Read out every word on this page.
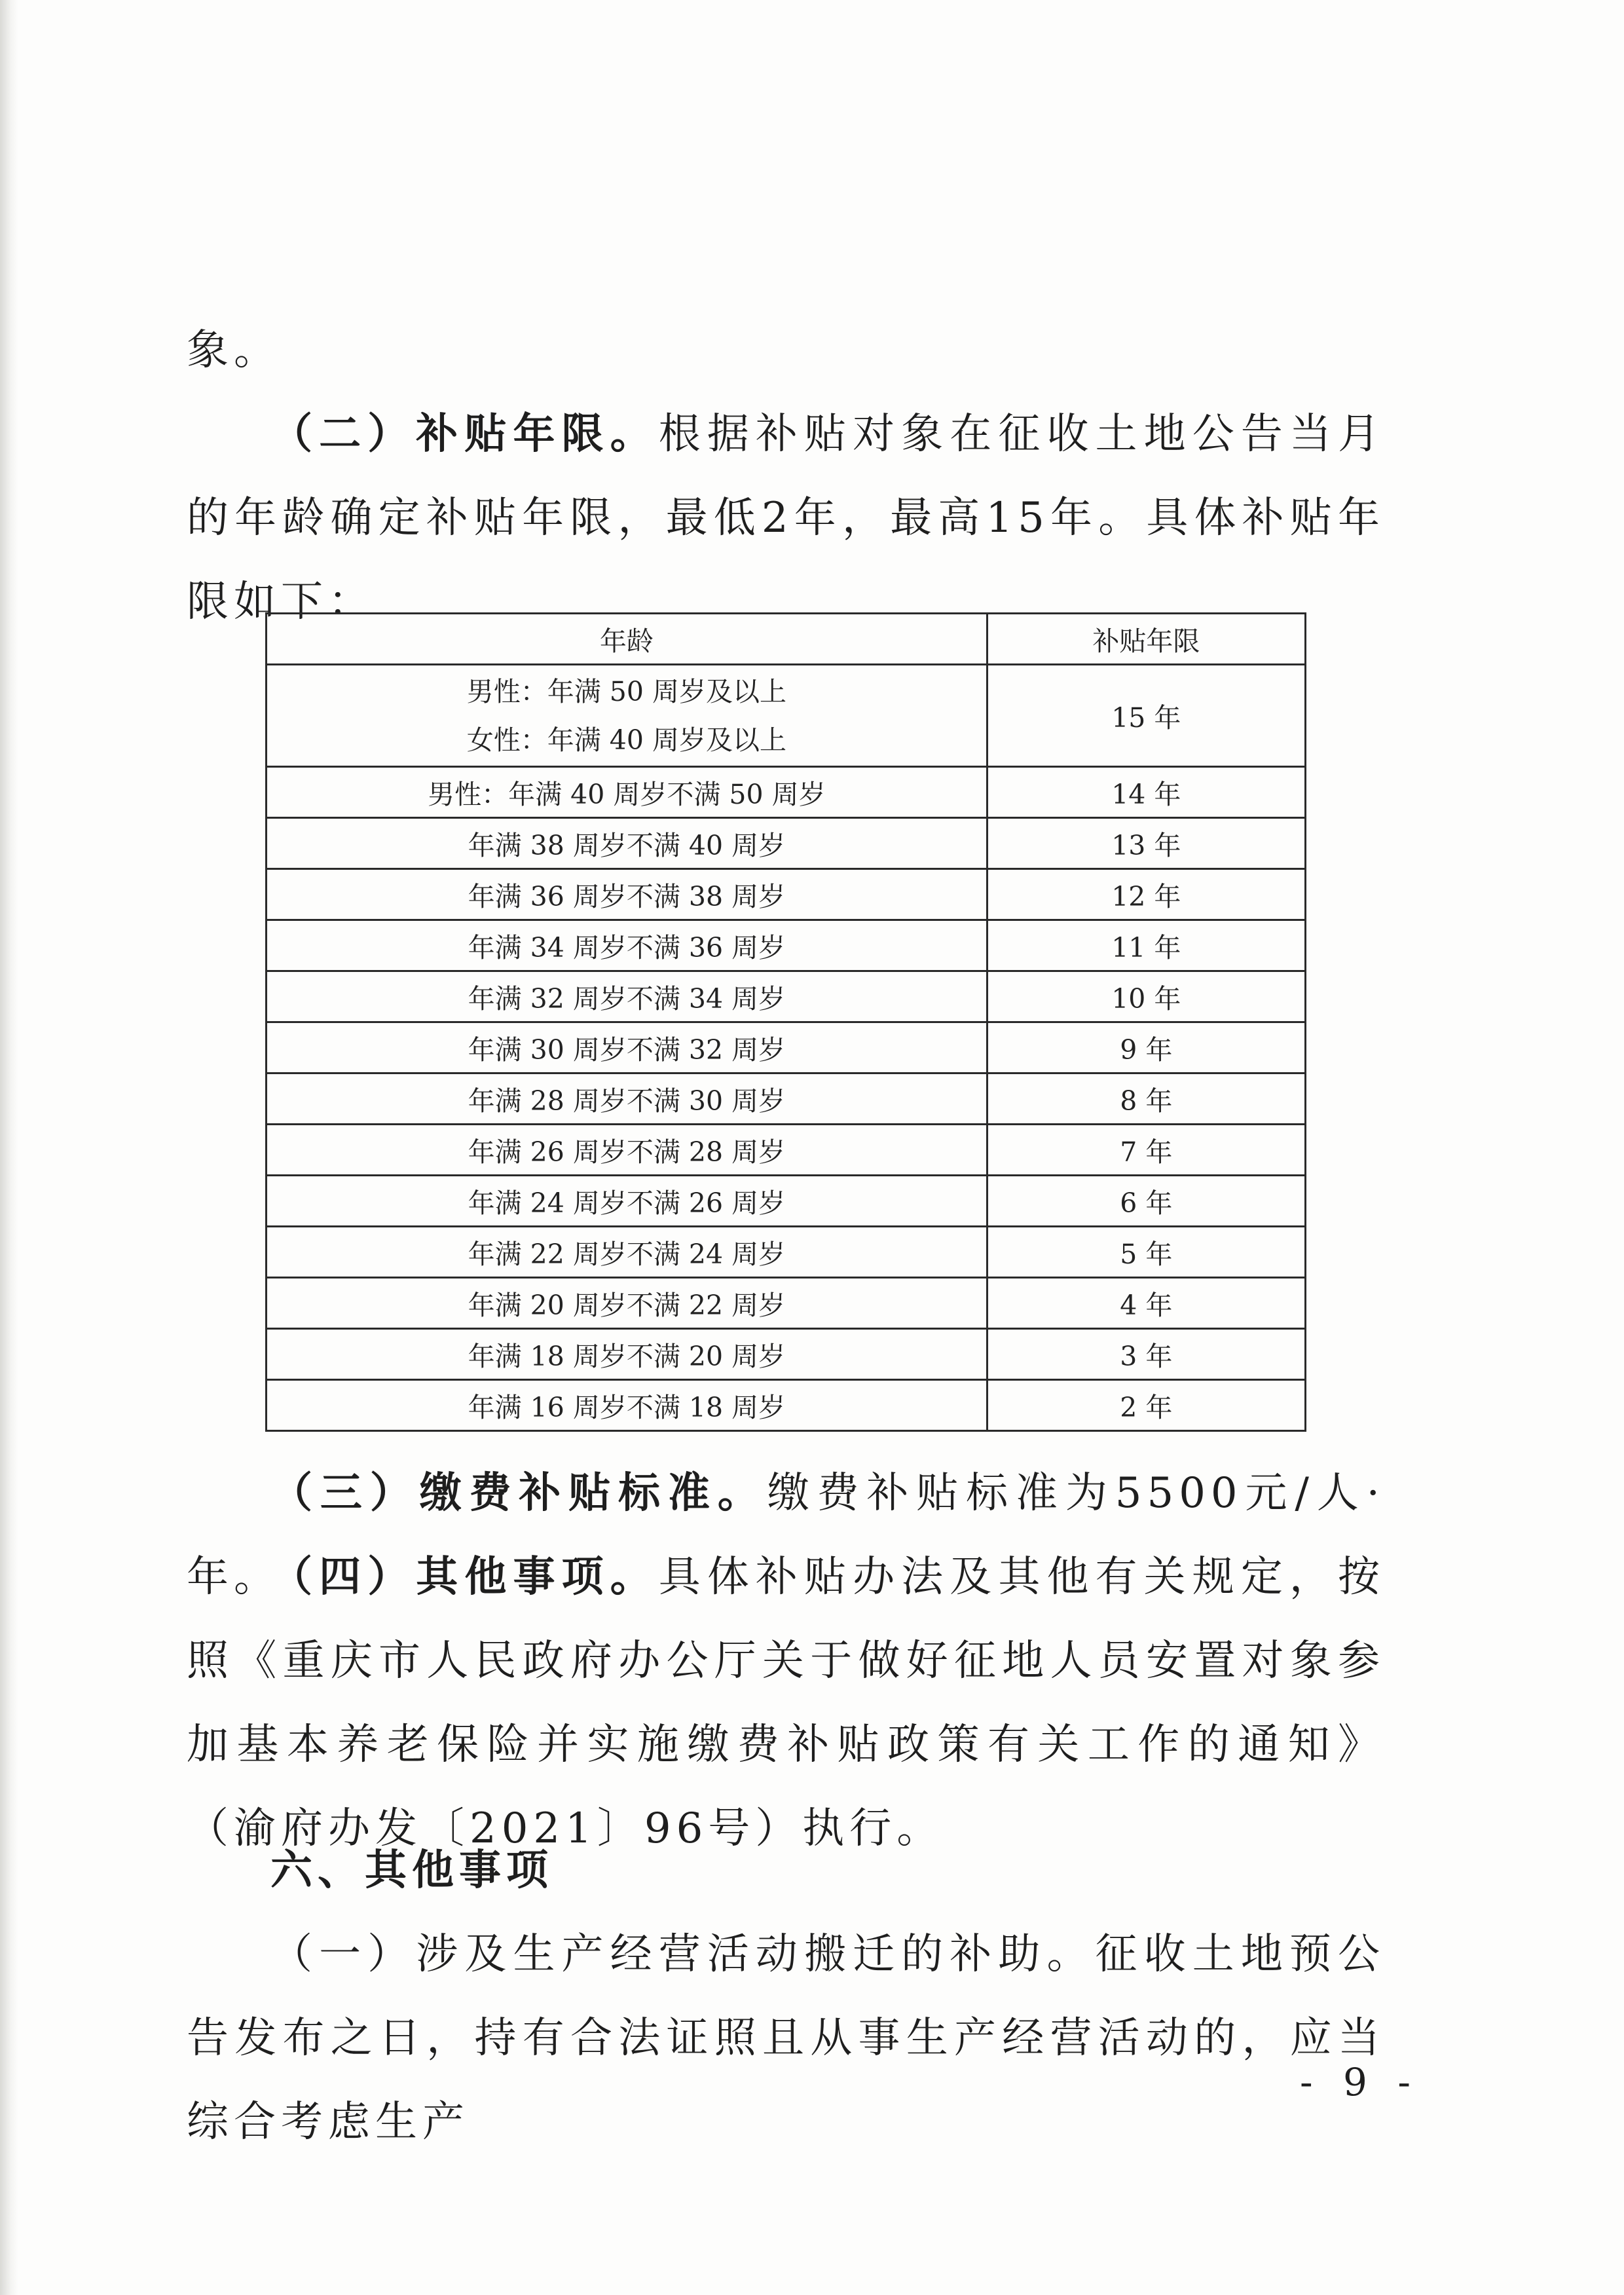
象。

（二）补贴年限。根据补贴对象在征收土地公告当月的年龄确定补贴年限，最低2年，最高15年。具体补贴年限如下：

年龄	补贴年限

男性：年满 50 周岁及以上
女性：年满 40 周岁及以上	15 年
男性：年满 40 周岁不满 50 周岁	14 年
年满 38 周岁不满 40 周岁	13 年
年满 36 周岁不满 38 周岁	12 年
年满 34 周岁不满 36 周岁	11 年
年满 32 周岁不满 34 周岁	10 年
年满 30 周岁不满 32 周岁	9 年
年满 28 周岁不满 30 周岁	8 年
年满 26 周岁不满 28 周岁	7 年
年满 24 周岁不满 26 周岁	6 年
年满 22 周岁不满 24 周岁	5 年
年满 20 周岁不满 22 周岁	4 年
年满 18 周岁不满 20 周岁	3 年
年满 16 周岁不满 18 周岁	2 年

（三）缴费补贴标准。缴费补贴标准为5500元/人·年。

（四）其他事项。具体补贴办法及其他有关规定，按照《重庆市人民政府办公厅关于做好征地人员安置对象参加基本养老保险并实施缴费补贴政策有关工作的通知》（渝府办发〔2021〕96号）执行。

六、其他事项

（一）涉及生产经营活动搬迁的补助。征收土地预公告发布之日，持有合法证照且从事生产经营活动的，应当综合考虑生产

- 9 -
